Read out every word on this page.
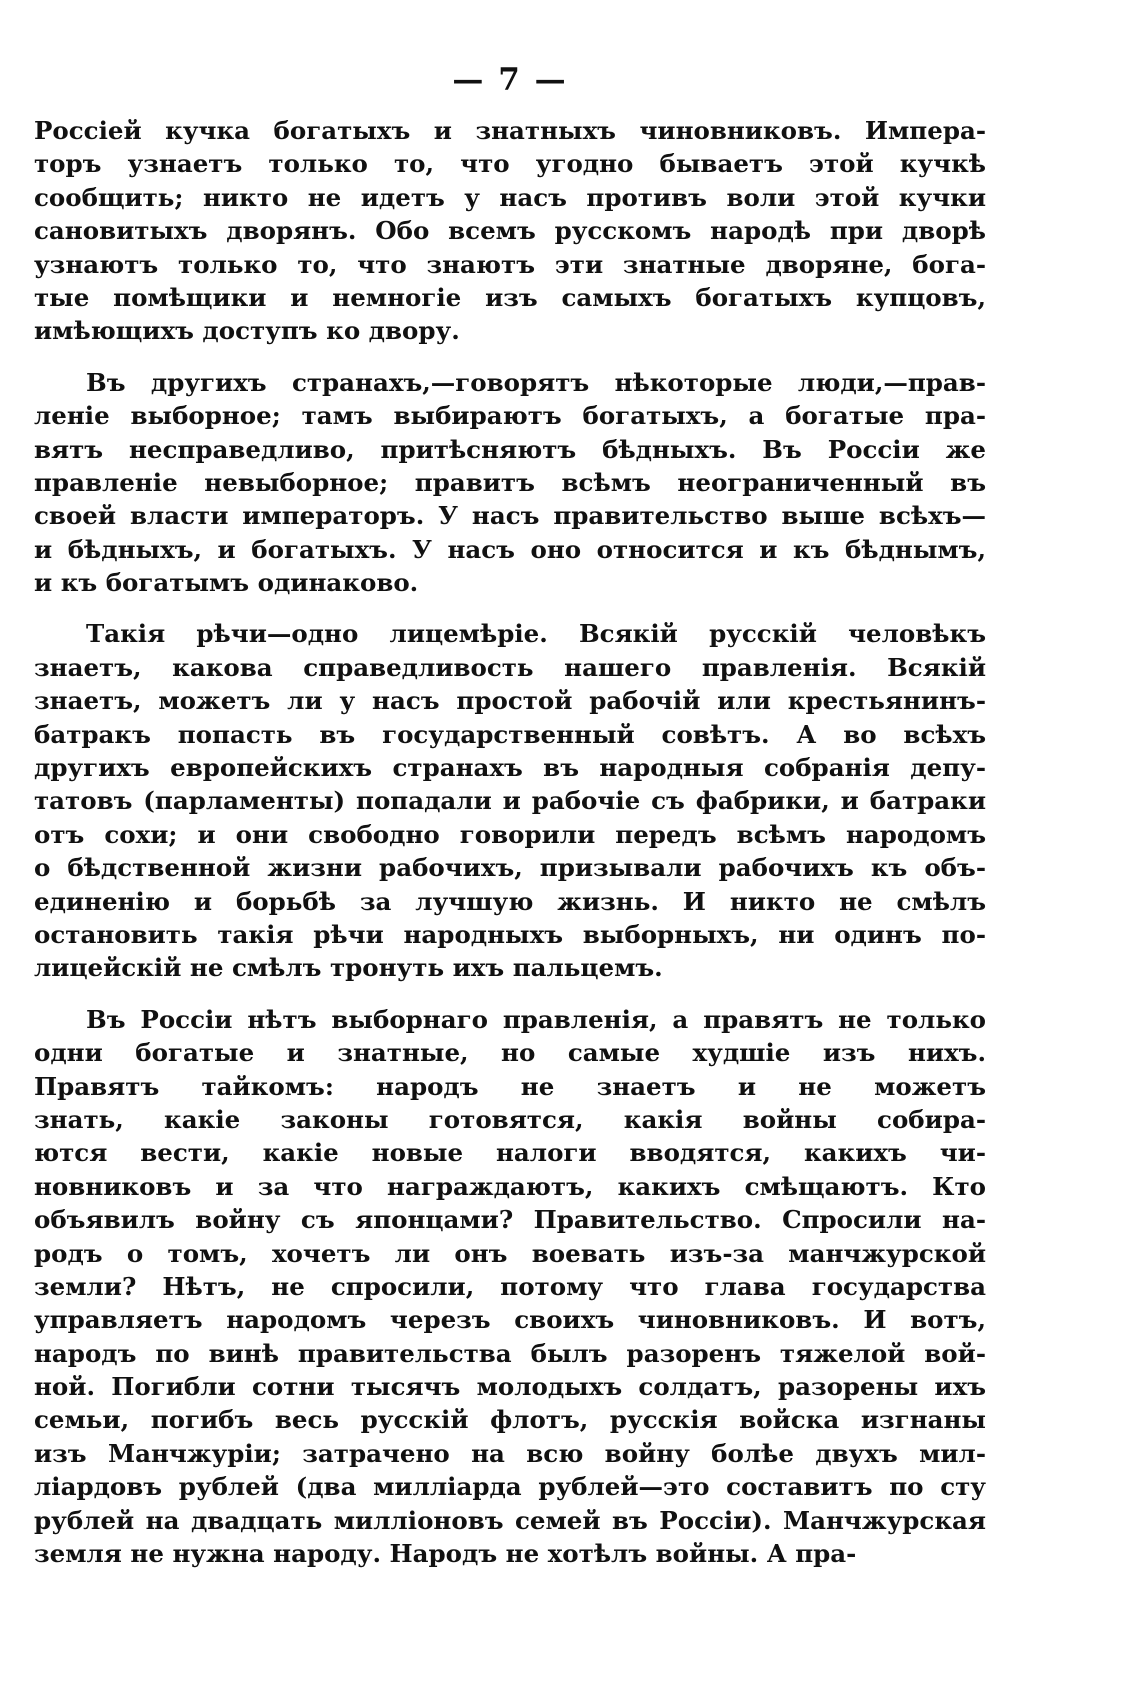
— 7 —
Россiей кучка богатыхъ и знатныхъ чиновниковъ. Импера-
торъ узнаетъ только то, что угодно бываетъ этой кучкѣ
сообщить; никто не идетъ у насъ противъ воли этой кучки
сановитыхъ дворянъ. Обо всемъ русскомъ народѣ при дворѣ
узнаютъ только то, что знаютъ эти знатные дворяне, бога-
тые помѣщики и немногiе изъ самыхъ богатыхъ купцовъ,
имѣющихъ доступъ ко двору.
Въ другихъ странахъ,—говорятъ нѣкоторые люди,—прав-
ленiе выборное; тамъ выбираютъ богатыхъ, а богатые пра-
вятъ несправедливо, притѣсняютъ бѣдныхъ. Въ Россiи же
правленiе невыборное; правитъ всѣмъ неограниченный въ
своей власти императоръ. У насъ правительство выше всѣхъ—
и бѣдныхъ, и богатыхъ. У насъ оно относится и къ бѣднымъ,
и къ богатымъ одинаково.
Такiя рѣчи—одно лицемѣрiе. Всякiй русскiй человѣкъ
знаетъ, какова справедливость нашего правленiя. Всякiй
знаетъ, можетъ ли у насъ простой рабочiй или крестьянинъ-
батракъ попасть въ государственный совѣтъ. А во всѣхъ
другихъ европейскихъ странахъ въ народныя собранiя депу-
татовъ (парламенты) попадали и рабочiе съ фабрики, и батраки
отъ сохи; и они свободно говорили передъ всѣмъ народомъ
о бѣдственной жизни рабочихъ, призывали рабочихъ къ объ-
единенiю и борьбѣ за лучшую жизнь. И никто не смѣлъ
остановить такiя рѣчи народныхъ выборныхъ, ни одинъ по-
лицейскiй не смѣлъ тронуть ихъ пальцемъ.
Въ Россiи нѣтъ выборнаго правленiя, а правятъ не только
одни богатые и знатные, но самые худшiе изъ нихъ.
Правятъ тайкомъ: народъ не знаетъ и не можетъ
знать, какiе законы готовятся, какiя войны собира-
ются вести, какiе новые налоги вводятся, какихъ чи-
новниковъ и за что награждаютъ, какихъ смѣщаютъ. Кто
объявилъ войну съ японцами? Правительство. Спросили на-
родъ о томъ, хочетъ ли онъ воевать изъ-за манчжурской
земли? Нѣтъ, не спросили, потому что глава государства
управляетъ народомъ черезъ своихъ чиновниковъ. И вотъ,
народъ по винѣ правительства былъ разоренъ тяжелой вой-
ной. Погибли сотни тысячъ молодыхъ солдатъ, разорены ихъ
семьи, погибъ весь русскiй флотъ, русскiя войска изгнаны
изъ Манчжурiи; затрачено на всю войну болѣе двухъ мил-
лiардовъ рублей (два миллiарда рублей—это составитъ по сту
рублей на двадцать миллiоновъ семей въ Россiи). Манчжурская
земля не нужна народу. Народъ не хотѣлъ войны. А пра-
